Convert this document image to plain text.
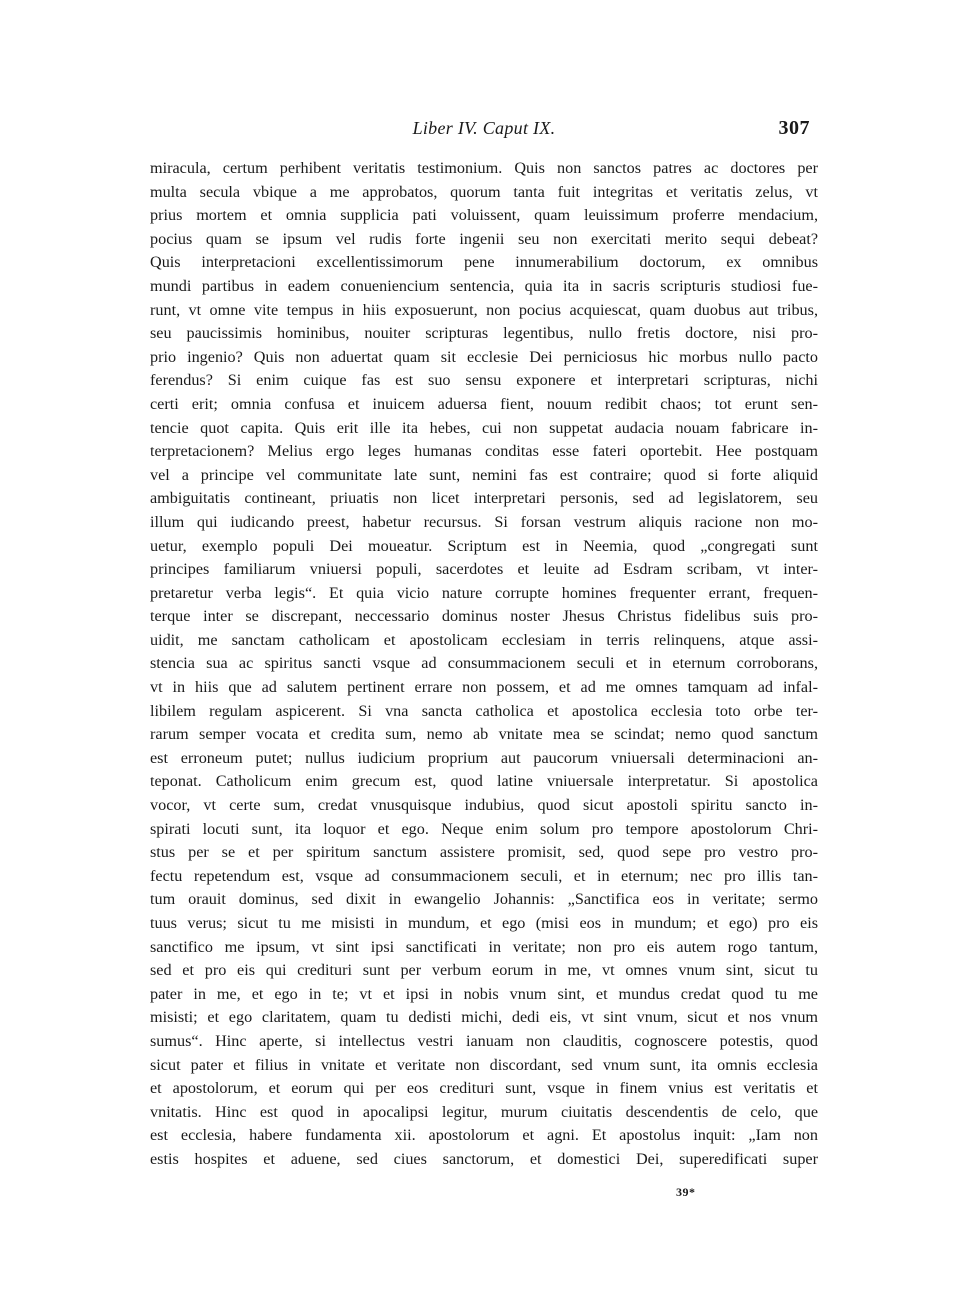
Liber IV. Caput IX.	307
miracula, certum perhibent veritatis testimonium. Quis non sanctos patres ac doctores per
multa secula vbique a me approbatos, quorum tanta fuit integritas et veritatis zelus, vt
prius mortem et omnia supplicia pati voluissent, quam leuissimum proferre mendacium,
pocius quam se ipsum vel rudis forte ingenii seu non exercitati merito sequi debeat?
Quis interpretacioni excellentissimorum pene innumerabilium doctorum, ex omnibus
mundi partibus in eadem conueniencium sentencia, quia ita in sacris scripturis studiosi fue-
runt, vt omne vite tempus in hiis exposuerunt, non pocius acquiescat, quam duobus aut tribus,
seu paucissimis hominibus, nouiter scripturas legentibus, nullo fretis doctore, nisi pro-
prio ingenio? Quis non aduertat quam sit ecclesie Dei perniciosus hic morbus nullo pacto
ferendus? Si enim cuique fas est suo sensu exponere et interpretari scripturas, nichi
certi erit; omnia confusa et inuicem aduersa fient, nouum redibit chaos; tot erunt sen-
tencie quot capita. Quis erit ille ita hebes, cui non suppetat audacia nouam fabricare in-
terpretacionem? Melius ergo leges humanas conditas esse fateri oportebit. Hee postquam
vel a principe vel communitate late sunt, nemini fas est contraire; quod si forte aliquid
ambiguitatis contineant, priuatis non licet interpretari personis, sed ad legislatorem, seu
illum qui iudicando preest, habetur recursus. Si forsan vestrum aliquis racione non mo-
uetur, exemplo populi Dei moueatur. Scriptum est in Neemia, quod „congregati sunt
principes familiarum vniuersi populi, sacerdotes et leuite ad Esdram scribam, vt inter-
pretaretur verba legis“. Et quia vicio nature corrupte homines frequenter errant, frequen-
terque inter se discrepant, neccessario dominus noster Jhesus Christus fidelibus suis pro-
uidit, me sanctam catholicam et apostolicam ecclesiam in terris relinquens, atque assi-
stencia sua ac spiritus sancti vsque ad consummacionem seculi et in eternum corroborans,
vt in hiis que ad salutem pertinent errare non possem, et ad me omnes tamquam ad infal-
libilem regulam aspicerent. Si vna sancta catholica et apostolica ecclesia toto orbe ter-
rarum semper vocata et credita sum, nemo ab vnitate mea se scindat; nemo quod sanctum
est erroneum putet; nullus iudicium proprium aut paucorum vniuersali determinacioni an-
teponat. Catholicum enim grecum est, quod latine vniuersale interpretatur. Si apostolica
vocor, vt certe sum, credat vnusquisque indubius, quod sicut apostoli spiritu sancto in-
spirati locuti sunt, ita loquor et ego. Neque enim solum pro tempore apostolorum Chri-
stus per se et per spiritum sanctum assistere promisit, sed, quod sepe pro vestro pro-
fectu repetendum est, vsque ad consummacionem seculi, et in eternum; nec pro illis tan-
tum orauit dominus, sed dixit in ewangelio Johannis: „Sanctifica eos in veritate; sermo
tuus verus; sicut tu me misisti in mundum, et ego (misi eos in mundum; et ego) pro eis
sanctifico me ipsum, vt sint ipsi sanctificati in veritate; non pro eis autem rogo tantum,
sed et pro eis qui credituri sunt per verbum eorum in me, vt omnes vnum sint, sicut tu
pater in me, et ego in te; vt et ipsi in nobis vnum sint, et mundus credat quod tu me
misisti; et ego claritatem, quam tu dedisti michi, dedi eis, vt sint vnum, sicut et nos vnum
sumus“. Hinc aperte, si intellectus vestri ianuam non clauditis, cognoscere potestis, quod
sicut pater et filius in vnitate et veritate non discordant, sed vnum sunt, ita omnis ecclesia
et apostolorum, et eorum qui per eos credituri sunt, vsque in finem vnius est veritatis et
vnitatis. Hinc est quod in apocalipsi legitur, murum ciuitatis descendentis de celo, que
est ecclesia, habere fundamenta xii. apostolorum et agni. Et apostolus inquit: „Iam non
estis hospites et aduene, sed ciues sanctorum, et domestici Dei, superedificati super
39*
